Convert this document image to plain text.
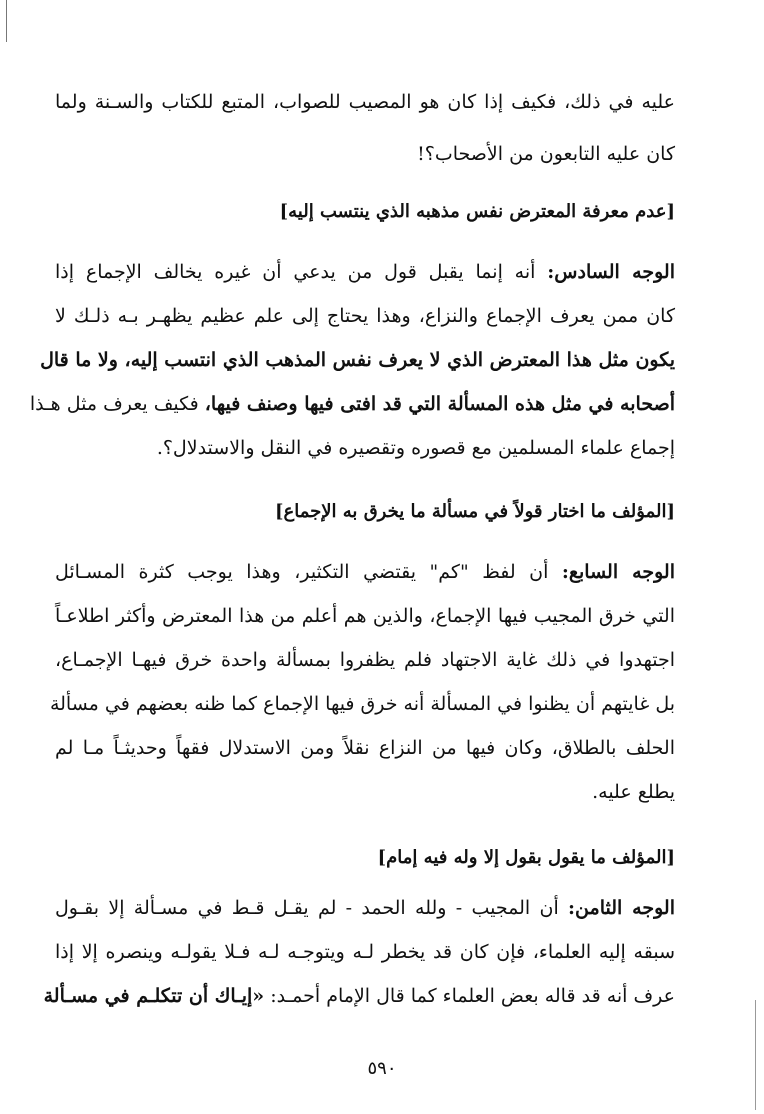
عليه في ذلك، فكيف إذا كان هو المصيب للصواب، المتبع للكتاب والسـنة ولما
كان عليه التابعون من الأصحاب؟!
[عدم معرفة المعترض نفس مذهبه الذي ينتسب إليه]
الوجه السادس: أنه إنما يقبل قول من يدعي أن غيره يخالف الإجماع إذا
كان ممن يعرف الإجماع والنزاع، وهذا يحتاج إلى علم عظيم يظهـر بـه ذلـك لا
يكون مثل هذا المعترض الذي لا يعرف نفس المذهب الذي انتسب إليه، ولا ما قال
أصحابه في مثل هذه المسألة التي قد افتى فيها وصنف فيها، فكيف يعرف مثل هـذا
إجماع علماء المسلمين مع قصوره وتقصيره في النقل والاستدلال؟.
[المؤلف ما اختار قولاً في مسألة ما يخرق به الإجماع]
الوجه السابع: أن لفظ "كم" يقتضي التكثير، وهذا يوجب كثرة المسـائل
التي خرق المجيب فيها الإجماع، والذين هم أعلم من هذا المعترض وأكثر اطلاعـاً
اجتهدوا في ذلك غاية الاجتهاد فلم يظفروا بمسألة واحدة خرق فيهـا الإجمـاع،
بل غايتهم أن يظنوا في المسألة أنه خرق فيها الإجماع كما ظنه بعضهم في مسألة
الحلف بالطلاق، وكان فيها من النزاع نقلاً ومن الاستدلال فقهاً وحديثـاً مـا لم
يطلع عليه.
[المؤلف ما يقول بقول إلا وله فيه إمام]
الوجه الثامن: أن المجيب - ولله الحمد - لم يقـل قـط في مسـألة إلا بقـول
سبقه إليه العلماء، فإن كان قد يخطر لـه ويتوجـه لـه فـلا يقولـه وينصره إلا إذا
عرف أنه قد قاله بعض العلماء كما قال الإمام أحمـد: «إيـاك أن تتكلـم في مسـألة
٥٩٠
